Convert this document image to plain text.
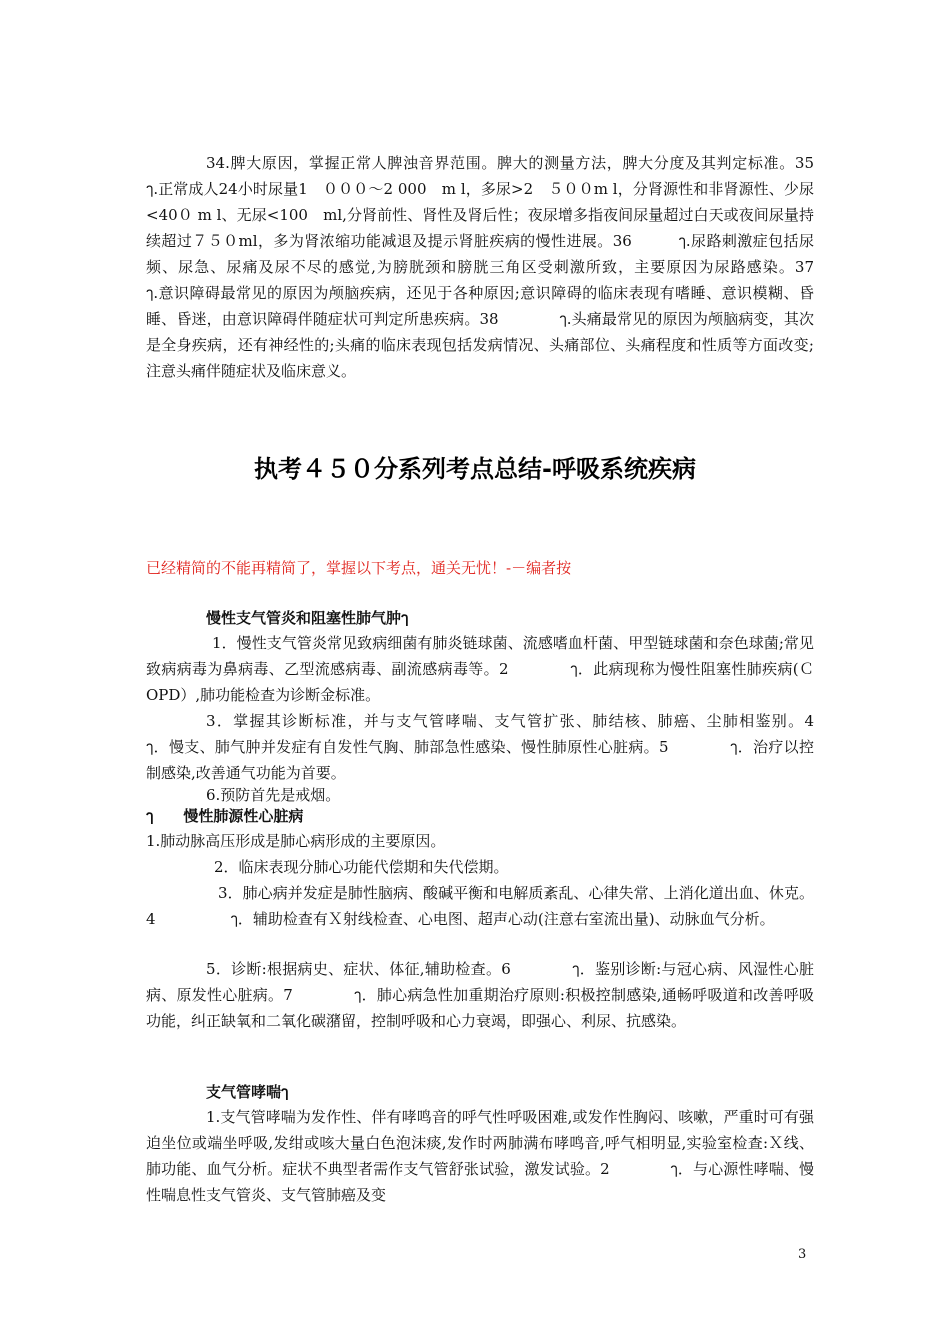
34.脾大原因，掌握正常人脾浊音界范围。脾大的测量方法，脾大分度及其判定标准。35　　　　ๅ.正常成人24小时尿量1　０００～2 000　m l，多尿>2　５００m l，分肾源性和非肾源性、少尿<40０ m l、无尿<100　ml,分肾前性、肾性及肾后性；夜尿增多指夜间尿量超过白天或夜间尿量持续超过７５０ml，多为肾浓缩功能减退及提示肾脏疾病的慢性进展。36　　　ๅ.尿路刺激症包括尿频、尿急、尿痛及尿不尽的感觉,为膀胱颈和膀胱三角区受刺激所致，主要原因为尿路感染。37　　　　　ๅ.意识障碍最常见的原因为颅脑疾病，还见于各种原因;意识障碍的临床表现有嗜睡、意识模糊、昏睡、昏迷，由意识障碍伴随症状可判定所患疾病。38　　　　ๅ.头痛最常见的原因为颅脑病变，其次是全身疾病，还有神经性的;头痛的临床表现包括发病情况、头痛部位、头痛程度和性质等方面改变;注意头痛伴随症状及临床意义。

执考４５０分系列考点总结-呼吸系统疾病

已经精简的不能再精简了，掌握以下考点，通关无忧！-－编者按

慢性支气管炎和阻塞性肺气肿ๅ

1．慢性支气管炎常见致病细菌有肺炎链球菌、流感嗜血杆菌、甲型链球菌和奈色球菌;常见致病病毒为鼻病毒、乙型流感病毒、副流感病毒等。2　　　　ๅ．此病现称为慢性阻塞性肺疾病(Ｃ OPD）,肺功能检查为诊断金标准。

3．掌握其诊断标准，并与支气管哮喘、支气管扩张、肺结核、肺癌、尘肺相鉴别。4　　　　ๅ．慢支、肺气肿并发症有自发性气胸、肺部急性感染、慢性肺原性心脏病。5　　　　ๅ．治疗以控制感染,改善通气功能为首要。

6.预防首先是戒烟。

ๅ　　慢性肺源性心脏病

1.肺动脉高压形成是肺心病形成的主要原因。

2．临床表现分肺心功能代偿期和失代偿期。

3．肺心病并发症是肺性脑病、酸碱平衡和电解质紊乱、心律失常、上消化道出血、休克。 4　　　　　ๅ．辅助检查有Ｘ射线检查、心电图、超声心动(注意右室流出量)、动脉血气分析。

5．诊断:根据病史、症状、体征,辅助检查。6　　　　ๅ．鉴别诊断:与冠心病、风湿性心脏病、原发性心脏病。7　　　　ๅ．肺心病急性加重期治疗原则:积极控制感染,通畅呼吸道和改善呼吸功能，纠正缺氧和二氧化碳潴留，控制呼吸和心力衰竭，即强心、利尿、抗感染。

支气管哮喘ๅ

1.支气管哮喘为发作性、伴有哮鸣音的呼气性呼吸困难,或发作性胸闷、咳嗽，严重时可有强迫坐位或端坐呼吸,发绀或咳大量白色泡沫痰,发作时两肺满布哮鸣音,呼气相明显,实验室检查:Ｘ线、肺功能、血气分析。症状不典型者需作支气管舒张试验，激发试验。2　　　　ๅ．与心源性哮喘、慢性喘息性支气管炎、支气管肺癌及变

3
